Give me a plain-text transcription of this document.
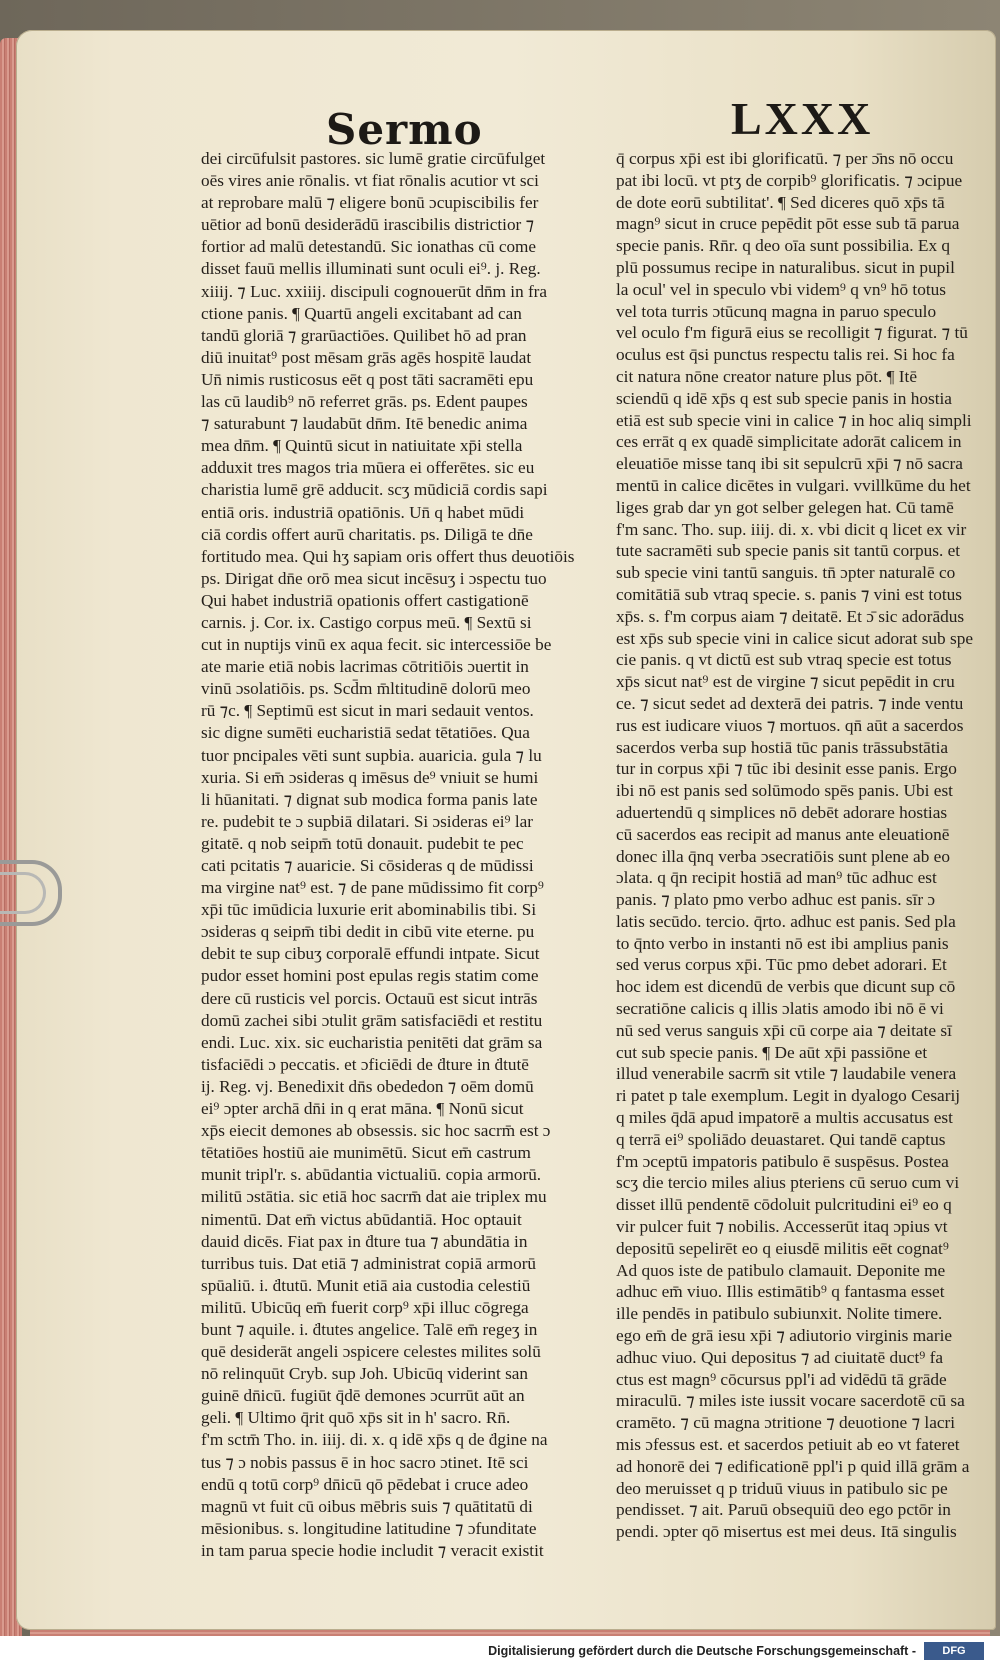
Sermo	LXXX
dei circūfulsit pastores. sic lumē gratie circūfulget
oēs vires anie rōnalis. vt fiat rōnalis acutior vt sci
at reprobare malū ⁊ eligere bonū ɔcupiscibilis fer
uētior ad bonū desiderādū irascibilis districtior ⁊
fortior ad malū detestandū. Sic ionathas cū come
disset fauū mellis illuminati sunt oculi ei⁹. j. Reg.
xiiij. ⁊ Luc. xxiiij. discipuli cognouerūt dn̄m in fra
ctione panis. ¶ Quartū angeli excitabant ad can
tandū gloriā ⁊ grarūactiōes. Quilibet hō ad pran
diū inuitat⁹ post mēsam grās agēs hospitē laudat
Un̄ nimis rusticosus eēt q post tāti sacramēti epu
las cū laudib⁹ nō referret grās. ps. Edent paupes
⁊ saturabunt ⁊ laudabūt dn̄m. Itē benedic anima
mea dn̄m. ¶ Quintū sicut in natiuitate xp̄i stella
adduxit tres magos tria mūera ei offerētes. sic eu
charistia lumē grē adducit. scʒ mūdiciā cordis sapi
entiā oris. industriā opatiōnis. Un̄ q habet mūdi
ciā cordis offert aurū charitatis. ps. Diligā te dn̄e
fortitudo mea. Qui hʒ sapiam oris offert thus deuotiōis
ps. Dirigat dn̄e orō mea sicut incēsuʒ i ɔspectu tuo
Qui habet industriā opationis offert castigationē
carnis. j. Cor. ix. Castigo corpus meū. ¶ Sextū si
cut in nuptijs vinū ex aqua fecit. sic intercessiōe be
ate marie etiā nobis lacrimas cōtritiōis ɔuertit in
vinū ɔsolatiōis. ps. Scd̄m m̄ltitudinē dolorū meo
rū ⁊c. ¶ Septimū est sicut in mari sedauit ventos.
sic digne sumēti eucharistiā sedat tētatiōes. Qua
tuor pncipales vēti sunt supbia. auaricia. gula ⁊ lu
xuria. Si em̄ ɔsideras q imēsus de⁹ vniuit se humi
li hūanitati. ⁊ dignat sub modica forma panis late
re. pudebit te ɔ supbiā dilatari. Si ɔsideras ei⁹ lar
gitatē. q nob seipm̄ totū donauit. pudebit te pec
cati pcitatis ⁊ auaricie. Si cōsideras q de mūdissi
ma virgine nat⁹ est. ⁊ de pane mūdissimo fit corp⁹
xp̄i tūc imūdicia luxurie erit abominabilis tibi. Si
ɔsideras q seipm̄ tibi dedit in cibū vite eterne. pu
debit te sup cibuʒ corporalē effundi intpate. Sicut
pudor esset homini post epulas regis statim come
dere cū rusticis vel porcis. Octauū est sicut intrās
domū zachei sibi ɔtulit grām satisfaciēdi et restitu
endi. Luc. xix. sic eucharistia penitēti dat grām sa
tisfaciēdi ɔ peccatis. et ɔficiēdi de ḋture in ḋtutē
ij. Reg. vj. Benedixit dn̄s obededon ⁊ oēm domū
ei⁹ ɔpter archā dn̄i in q erat māna. ¶ Nonū sicut
xp̄s eiecit demones ab obsessis. sic hoc sacrm̄ est ɔ
tētatiōes hostiū aie munimētū. Sicut em̄ castrum
munit tripl'r. s. abūdantia victualiū. copia armorū.
militū ɔstātia. sic etiā hoc sacrm̄ dat aie triplex mu
nimentū. Dat em̄ victus abūdantiā. Hoc optauit
dauid dicēs. Fiat pax in ḋture tua ⁊ abundātia in
turribus tuis. Dat etiā ⁊ administrat copiā armorū
spūaliū. i. ḋtutū. Munit etiā aia custodia celestiū
militū. Ubicūq em̄ fuerit corp⁹ xp̄i illuc cōgrega
bunt ⁊ aquile. i. ḋtutes angelice. Talē em̄ regeʒ in
quē desiderāt angeli ɔspicere celestes milites solū
nō relinquūt Cryb. sup Joh. Ubicūq viderint san
guinē dn̄icū. fugiūt q̄dē demones ɔcurrūt aūt an
geli. ¶ Ultimo q̄rit quō xp̄s sit in h' sacro. Rn̄.
f'm sctm̄ Tho. in. iiij. di. x. q idē xp̄s q de ḋgine na
tus ⁊ ɔ nobis passus ē in hoc sacro ɔtinet. Itē sci
endū q totū corp⁹ dn̄icū qō pēdebat i cruce adeo
magnū vt fuit cū oibus mēbris suis ⁊ quātitatū di
mēsionibus. s. longitudine latitudine ⁊ ɔfunditate
in tam parua specie hodie includit ⁊ veracit existit
q̄ corpus xp̄i est ibi glorificatū. ⁊ per ɔ̄ns nō occu
pat ibi locū. vt ptʒ de corpib⁹ glorificatis. ⁊ ɔcipue
de dote eorū subtilitat'. ¶ Sed diceres quō xp̄s tā
magn⁹ sicut in cruce pepēdit pōt esse sub tā parua
specie panis. Rn̄r. q deo oīa sunt possibilia. Ex q
plū possumus recipe in naturalibus. sicut in pupil
la ocul' vel in speculo vbi videm⁹ q vn⁹ hō totus
vel tota turris ɔtūcunq magna in paruo speculo
vel oculo f'm figurā eius se recolligit ⁊ figurat. ⁊ tū
oculus est q̄si punctus respectu talis rei. Si hoc fa
cit natura nōne creator nature plus pōt. ¶ Itē
sciendū q idē xp̄s q est sub specie panis in hostia
etiā est sub specie vini in calice ⁊ in hoc aliq simpli
ces errāt q ex quadē simplicitate adorāt calicem in
eleuatiōe misse tanq ibi sit sepulcrū xp̄i ⁊ nō sacra
mentū in calice dicētes in vulgari. vvillkūme du het
liges grab dar yn got selber gelegen hat. Cū tamē
f'm sanc. Tho. sup. iiij. di. x. vbi dicit q licet ex vir
tute sacramēti sub specie panis sit tantū corpus. et
sub specie vini tantū sanguis. tn̄ ɔpter naturalē co
comitātiā sub vtraq specie. s. panis ⁊ vini est totus
xp̄s. s. f'm corpus aiam ⁊ deitatē. Et ɔ̄ sic adorādus
est xp̄s sub specie vini in calice sicut adorat sub spe
cie panis. q vt dictū est sub vtraq specie est totus
xp̄s sicut nat⁹ est de virgine ⁊ sicut pepēdit in cru
ce. ⁊ sicut sedet ad dexterā dei patris. ⁊ inde ventu
rus est iudicare viuos ⁊ mortuos. qn̄ aūt a sacerdos
sacerdos verba sup hostiā tūc panis trāssubstātia
tur in corpus xp̄i ⁊ tūc ibi desinit esse panis. Ergo
ibi nō est panis sed solūmodo spēs panis. Ubi est
aduertendū q simplices nō debēt adorare hostias
cū sacerdos eas recipit ad manus ante eleuationē
donec illa q̄nq verba ɔsecratiōis sunt plene ab eo
ɔlata. q q̄n recipit hostiā ad man⁹ tūc adhuc est
panis. ⁊ plato pmo verbo adhuc est panis. sīr ɔ
latis secūdo. tercio. q̄rto. adhuc est panis. Sed pla
to q̄nto verbo in instanti nō est ibi amplius panis
sed verus corpus xp̄i. Tūc pmo debet adorari. Et
hoc idem est dicendū de verbis que dicunt sup cō
secratiōne calicis q illis ɔlatis amodo ibi nō ē vi
nū sed verus sanguis xp̄i cū corpe aia ⁊ deitate sī
cut sub specie panis. ¶ De aūt xp̄i passiōne et
illud venerabile sacrm̄ sit vtile ⁊ laudabile venera
ri patet p tale exemplum. Legit in dyalogo Cesarij
q miles q̄dā apud impatorē a multis accusatus est
q terrā ei⁹ spoliādo deuastaret. Qui tandē captus
f'm ɔceptū impatoris patibulo ē suspēsus. Postea
scʒ die tercio miles alius pteriens cū seruo cum vi
disset illū pendentē cōdoluit pulcritudini ei⁹ eo q
vir pulcer fuit ⁊ nobilis. Accesserūt itaq ɔpius vt
depositū sepelirēt eo q eiusdē militis eēt cognat⁹
Ad quos iste de patibulo clamauit. Deponite me
adhuc em̄ viuo. Illis estimātib⁹ q fantasma esset
ille pendēs in patibulo subiunxit. Nolite timere.
ego em̄ de grā iesu xp̄i ⁊ adiutorio virginis marie
adhuc viuo. Qui depositus ⁊ ad ciuitatē duct⁹ fa
ctus est magn⁹ cōcursus ppl'i ad vidēdū tā grāde
miraculū. ⁊ miles iste iussit vocare sacerdotē cū sa
cramēto. ⁊ cū magna ɔtritione ⁊ deuotione ⁊ lacri
mis ɔfessus est. et sacerdos petiuit ab eo vt fateret
ad honorē dei ⁊ edificationē ppl'i p quid illā grām a
deo meruisset q p triduū viuus in patibulo sic pe
pendisset. ⁊ ait. Paruū obsequiū deo ego pctōr in
pendi. ɔpter qō misertus est mei deus. Itā singulis
Digitalisierung gefördert durch die Deutsche Forschungsgemeinschaft -	DFG
